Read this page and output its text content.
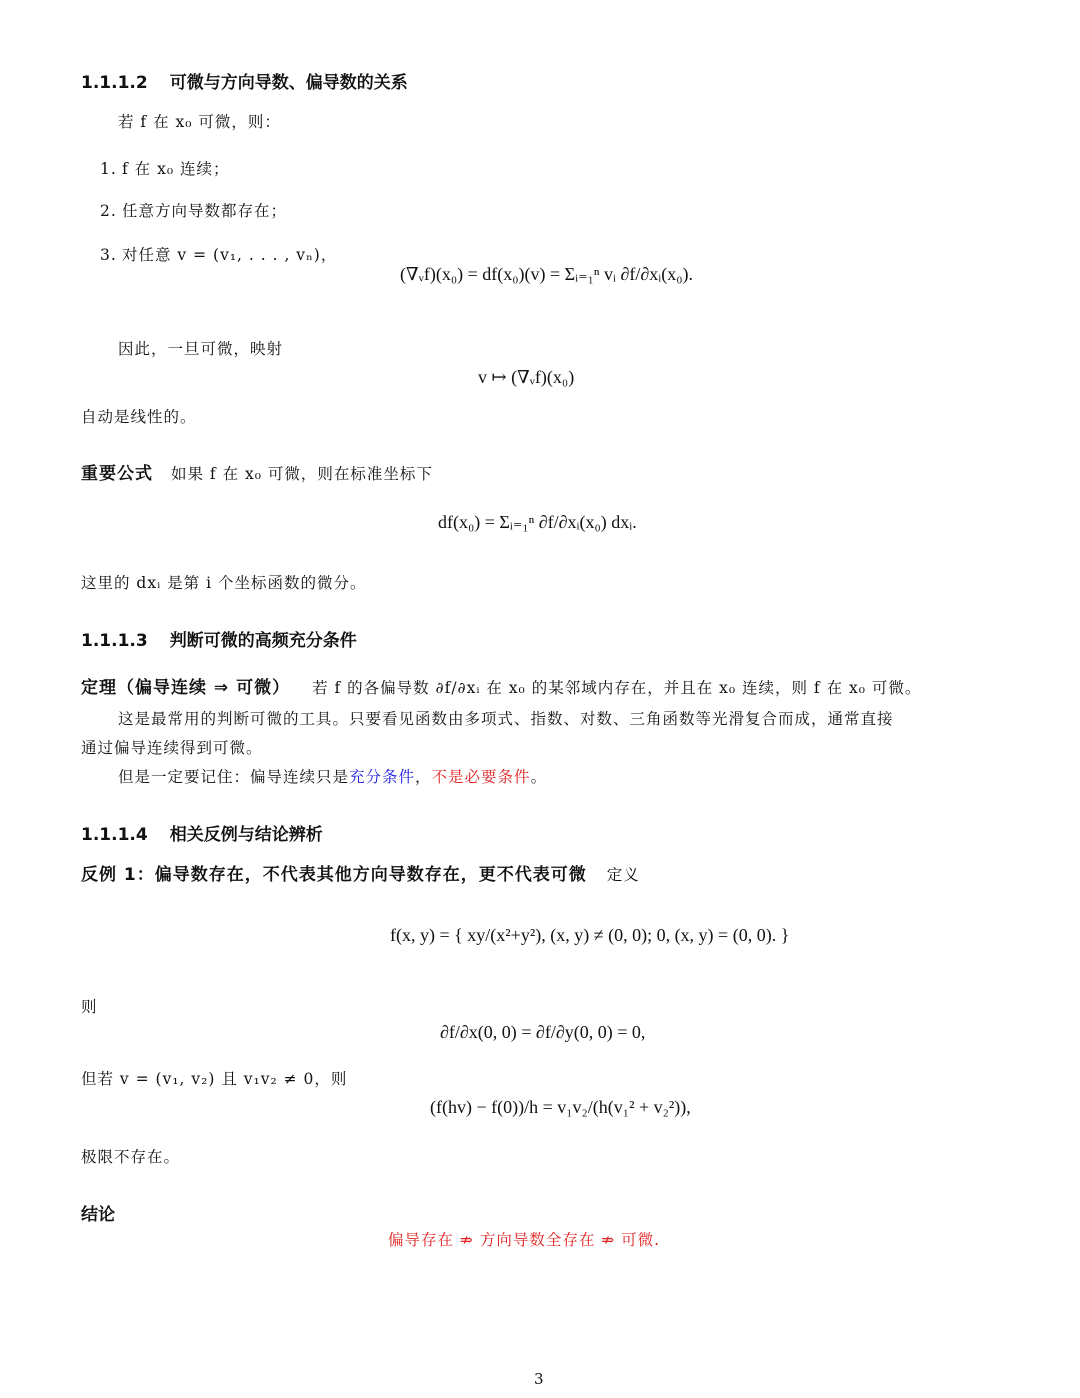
1.1.1.2 可微与方向导数、偏导数的关系
若 f 在 x₀ 可微，则：
1. f 在 x₀ 连续；
2. 任意方向导数都存在；
3. 对任意 v = (v₁, . . . , vₙ)，
(∇ᵥf)(x₀) = df(x₀)(v) = Σᵢ₌₁ⁿ vᵢ ∂f/∂xᵢ(x₀).
因此，一旦可微，映射
v ↦ (∇ᵥf)(x₀)
自动是线性的。
重要公式 如果 f 在 x₀ 可微，则在标准坐标下
df(x₀) = Σᵢ₌₁ⁿ ∂f/∂xᵢ(x₀) dxᵢ.
这里的 dxᵢ 是第 i 个坐标函数的微分。
1.1.1.3 判断可微的高频充分条件
定理（偏导连续 ⇒ 可微） 若 f 的各偏导数 ∂f/∂xᵢ 在 x₀ 的某邻域内存在，并且在 x₀ 连续，则 f 在 x₀ 可微。
这是最常用的判断可微的工具。只要看见函数由多项式、指数、对数、三角函数等光滑复合而成，通常直接
通过偏导连续得到可微。
但是一定要记住：偏导连续只是充分条件，不是必要条件。
1.1.1.4 相关反例与结论辨析
反例 1：偏导数存在，不代表其他方向导数存在，更不代表可微 定义
f(x, y) = { xy/(x²+y²), (x, y) ≠ (0, 0); 0, (x, y) = (0, 0). }
则
∂f/∂x(0, 0) = ∂f/∂y(0, 0) = 0,
但若 v = (v₁, v₂) 且 v₁v₂ ≠ 0，则
(f(hv) − f(0))/h = v₁v₂/(h(v₁² + v₂²)),
极限不存在。
结论
偏导存在 ⇏ 方向导数全存在 ⇏ 可微.
3
